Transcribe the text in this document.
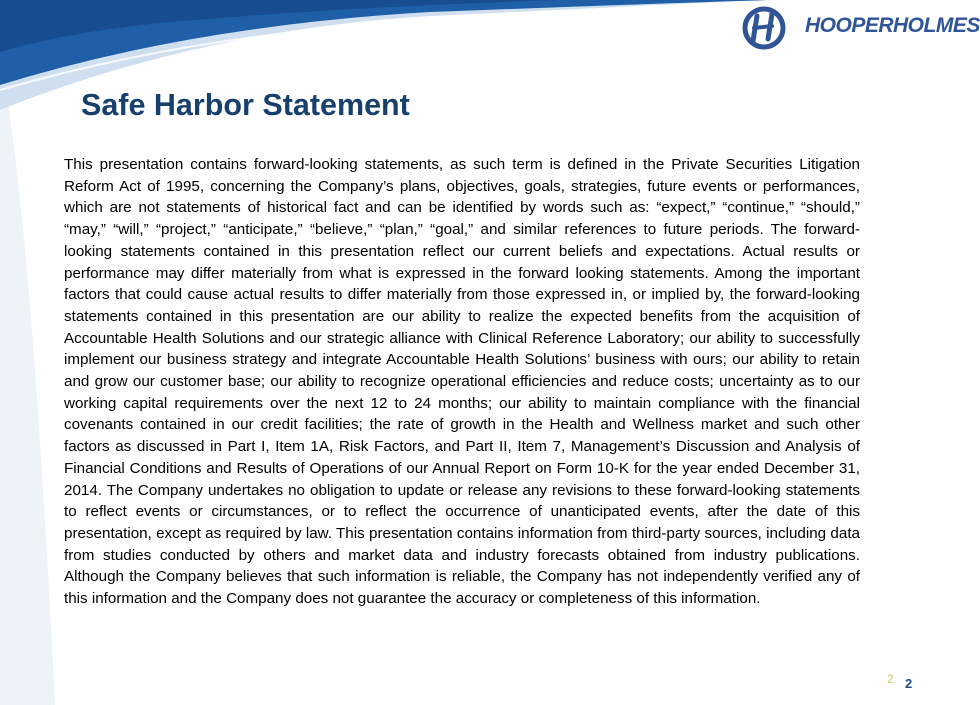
HOOPERHOLMES
Safe Harbor Statement

This presentation contains forward-looking statements, as such term is defined in the Private Securities Litigation Reform Act of 1995, concerning the Company’s plans, objectives, goals, strategies, future events or performances, which are not statements of historical fact and can be identified by words such as: “expect,” “continue,” “should,” “may,” “will,” “project,” “anticipate,” “believe,” “plan,” “goal,” and similar references to future periods. The forward-looking statements contained in this presentation reflect our current beliefs and expectations. Actual results or performance may differ materially from what is expressed in the forward looking statements. Among the important factors that could cause actual results to differ materially from those expressed in, or implied by, the forward-looking statements contained in this presentation are our ability to realize the expected benefits from the acquisition of Accountable Health Solutions and our strategic alliance with Clinical Reference Laboratory; our ability to successfully implement our business strategy and integrate Accountable Health Solutions’ business with ours; our ability to retain and grow our customer base; our ability to recognize operational efficiencies and reduce costs; uncertainty as to our working capital requirements over the next 12 to 24 months; our ability to maintain compliance with the financial covenants contained in our credit facilities; the rate of growth in the Health and Wellness market and such other factors as discussed in Part I, Item 1A, Risk Factors, and Part II, Item 7, Management’s Discussion and Analysis of Financial Conditions and Results of Operations of our Annual Report on Form 10-K for the year ended December 31, 2014. The Company undertakes no obligation to update or release any revisions to these forward-looking statements to reflect events or circumstances, or to reflect the occurrence of unanticipated events, after the date of this presentation, except as required by law. This presentation contains information from third-party sources, including data from studies conducted by others and market data and industry forecasts obtained from industry publications. Although the Company believes that such information is reliable, the Company has not independently verified any of this information and the Company does not guarantee the accuracy or completeness of this information.

2 2
